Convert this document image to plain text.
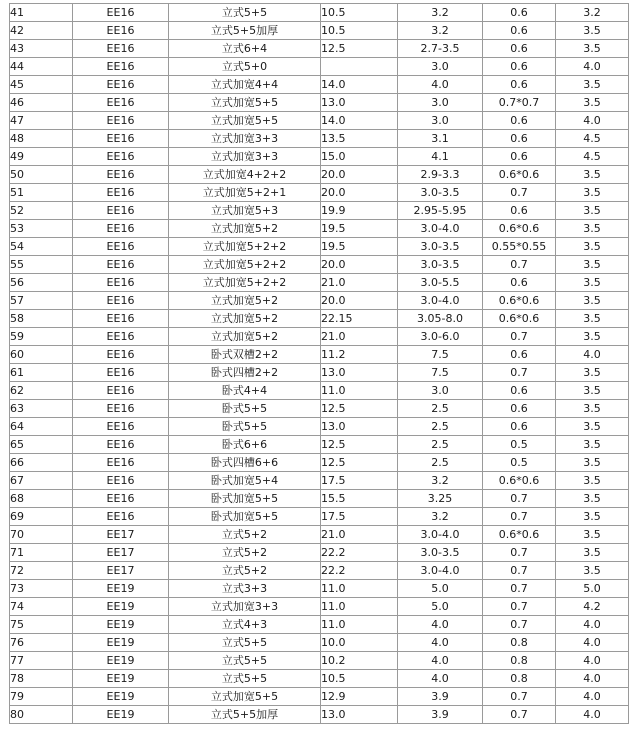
41	EE16	立式5+5	10.5	3.2	0.6	3.2
42	EE16	立式5+5加厚	10.5	3.2	0.6	3.5
43	EE16	立式6+4	12.5	2.7-3.5	0.6	3.5
44	EE16	立式5+0		3.0	0.6	4.0
45	EE16	立式加宽4+4	14.0	4.0	0.6	3.5
46	EE16	立式加宽5+5	13.0	3.0	0.7*0.7	3.5
47	EE16	立式加宽5+5	14.0	3.0	0.6	4.0
48	EE16	立式加宽3+3	13.5	3.1	0.6	4.5
49	EE16	立式加宽3+3	15.0	4.1	0.6	4.5
50	EE16	立式加宽4+2+2	20.0	2.9-3.3	0.6*0.6	3.5
51	EE16	立式加宽5+2+1	20.0	3.0-3.5	0.7	3.5
52	EE16	立式加宽5+3	19.9	2.95-5.95	0.6	3.5
53	EE16	立式加宽5+2	19.5	3.0-4.0	0.6*0.6	3.5
54	EE16	立式加宽5+2+2	19.5	3.0-3.5	0.55*0.55	3.5
55	EE16	立式加宽5+2+2	20.0	3.0-3.5	0.7	3.5
56	EE16	立式加宽5+2+2	21.0	3.0-5.5	0.6	3.5
57	EE16	立式加宽5+2	20.0	3.0-4.0	0.6*0.6	3.5
58	EE16	立式加宽5+2	22.15	3.05-8.0	0.6*0.6	3.5
59	EE16	立式加宽5+2	21.0	3.0-6.0	0.7	3.5
60	EE16	卧式双槽2+2	11.2	7.5	0.6	4.0
61	EE16	卧式四槽2+2	13.0	7.5	0.7	3.5
62	EE16	卧式4+4	11.0	3.0	0.6	3.5
63	EE16	卧式5+5	12.5	2.5	0.6	3.5
64	EE16	卧式5+5	13.0	2.5	0.6	3.5
65	EE16	卧式6+6	12.5	2.5	0.5	3.5
66	EE16	卧式四槽6+6	12.5	2.5	0.5	3.5
67	EE16	卧式加宽5+4	17.5	3.2	0.6*0.6	3.5
68	EE16	卧式加宽5+5	15.5	3.25	0.7	3.5
69	EE16	卧式加宽5+5	17.5	3.2	0.7	3.5
70	EE17	立式5+2	21.0	3.0-4.0	0.6*0.6	3.5
71	EE17	立式5+2	22.2	3.0-3.5	0.7	3.5
72	EE17	立式5+2	22.2	3.0-4.0	0.7	3.5
73	EE19	立式3+3	11.0	5.0	0.7	5.0
74	EE19	立式加宽3+3	11.0	5.0	0.7	4.2
75	EE19	立式4+3	11.0	4.0	0.7	4.0
76	EE19	立式5+5	10.0	4.0	0.8	4.0
77	EE19	立式5+5	10.2	4.0	0.8	4.0
78	EE19	立式5+5	10.5	4.0	0.8	4.0
79	EE19	立式加宽5+5	12.9	3.9	0.7	4.0
80	EE19	立式5+5加厚	13.0	3.9	0.7	4.0
